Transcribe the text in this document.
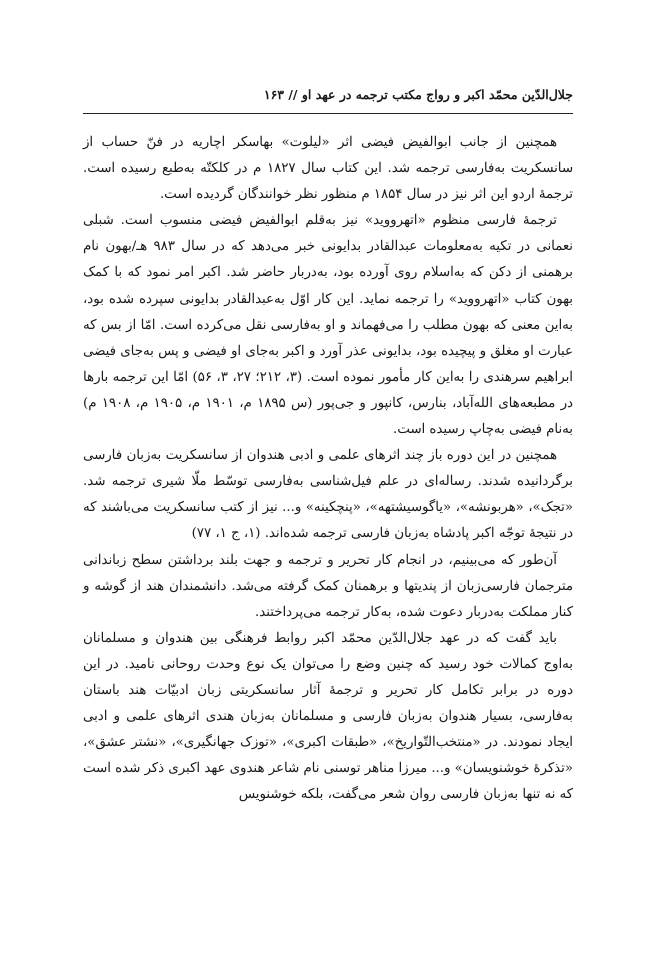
جلال‌الدّین محمّد اکبر و رواج مکتب ترجمه در عهد او // ۱۶۳

همچنین از جانب ابوالفیض فیضی اثر «لیلوت» بهاسکر اچاریه در فنّ حساب از سانسکریت به‌فارسی ترجمه شد. این کتاب سال ۱۸۲۷ م در کلکتّه به‌طبع رسیده است. ترجمهٔ اردو این اثر نیز در سال ۱۸۵۴ م منظور نظر خوانندگان گردیده است.

ترجمهٔ فارسی منظوم «اتهرووید» نیز به‌قلم ابوالفیض فیضی منسوب است. شبلی نعمانی در تکیه به‌معلومات عبدالقادر بدایونی خبر می‌دهد که در سال ۹۸۳ هـ/بهون نام برهمنی از دکن که به‌اسلام روی آورده بود، به‌دربار حاضر شد. اکبر امر نمود که با کمک بهون کتاب «اتهرووید» را ترجمه نماید. این کار اوّل به‌عبدالقادر بدایونی سپرده شده بود، به‌این معنی که بهون مطلب را می‌فهماند و او به‌فارسی نقل می‌کرده است. امّا از بس که عبارت او مغلق و پیچیده بود، بدایونی عذر آورد و اکبر به‌جای او فیضی و پس به‌جای فیضی ابراهیم سرهندی را به‌این کار مأمور نموده است. (۳، ۲۱۲؛ ۲۷، ۳، ۵۶) امّا این ترجمه بارها در مطبعه‌های الله‌آباد، بنارس، کانپور و جی‌پور (س ۱۸۹۵ م، ۱۹۰۱ م، ۱۹۰۵ م، ۱۹۰۸ م) به‌نام فیضی به‌چاپ رسیده است.

همچنین در این دوره باز چند اثرهای علمی و ادبی هندوان از سانسکریت به‌زبان فارسی برگردانیده شدند. رساله‌ای در علم فیل‌شناسی به‌فارسی توسّط ملّا شیری ترجمه شد. «تجک»، «هربونشه»، «یاگوسیشتهه»، «پنچکینه» و... نیز از کتب سانسکریت می‌باشند که در نتیجهٔ توجّه اکبر پادشاه به‌زبان فارسی ترجمه شده‌اند. (۱، ج ۱، ۷۷)

آن‌طور که می‌بینیم، در انجام کار تحریر و ترجمه و جهت بلند برداشتن سطح زباندانی مترجمان فارسی‌زبان از پندیتها و برهمنان کمک گرفته می‌شد. دانشمندان هند از گوشه و کنار مملکت به‌دربار دعوت شده، به‌کار ترجمه می‌پرداختند.

باید گفت که در عهد جلال‌الدّین محمّد اکبر روابط فرهنگی بین هندوان و مسلمانان به‌اوج کمالات خود رسید که چنین وضع را می‌توان یک نوع وحدت روحانی نامید. در این دوره در برابر تکامل کار تحریر و ترجمهٔ آثار سانسکریتی زبان ادبیّات هند باستان به‌فارسی، بسیار هندوان به‌زبان فارسی و مسلمانان به‌زبان هندی اثرهای علمی و ادبی ایجاد نمودند. در «منتخب‌التّواریخ»، «طبقات اکبری»، «توزک جهانگیری»، «نشتر عشق»، «تذکرهٔ خوشنویسان» و... میرزا مناهر توسنی نام شاعر هندوی عهد اکبری ذکر شده است که نه تنها به‌زبان فارسی روان شعر می‌گفت، بلکه خوشنویس
